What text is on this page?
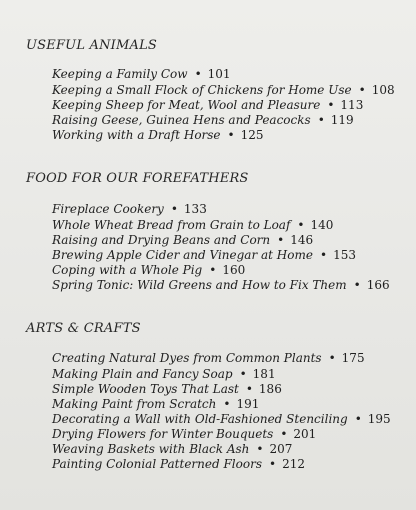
USEFUL ANIMALS
Keeping a Family Cow • 101
Keeping a Small Flock of Chickens for Home Use • 108
Keeping Sheep for Meat, Wool and Pleasure • 113
Raising Geese, Guinea Hens and Peacocks • 119
Working with a Draft Horse • 125
FOOD FOR OUR FOREFATHERS
Fireplace Cookery • 133
Whole Wheat Bread from Grain to Loaf • 140
Raising and Drying Beans and Corn • 146
Brewing Apple Cider and Vinegar at Home • 153
Coping with a Whole Pig • 160
Spring Tonic: Wild Greens and How to Fix Them • 166
ARTS & CRAFTS
Creating Natural Dyes from Common Plants • 175
Making Plain and Fancy Soap • 181
Simple Wooden Toys That Last • 186
Making Paint from Scratch • 191
Decorating a Wall with Old-Fashioned Stenciling • 195
Drying Flowers for Winter Bouquets • 201
Weaving Baskets with Black Ash • 207
Painting Colonial Patterned Floors • 212
